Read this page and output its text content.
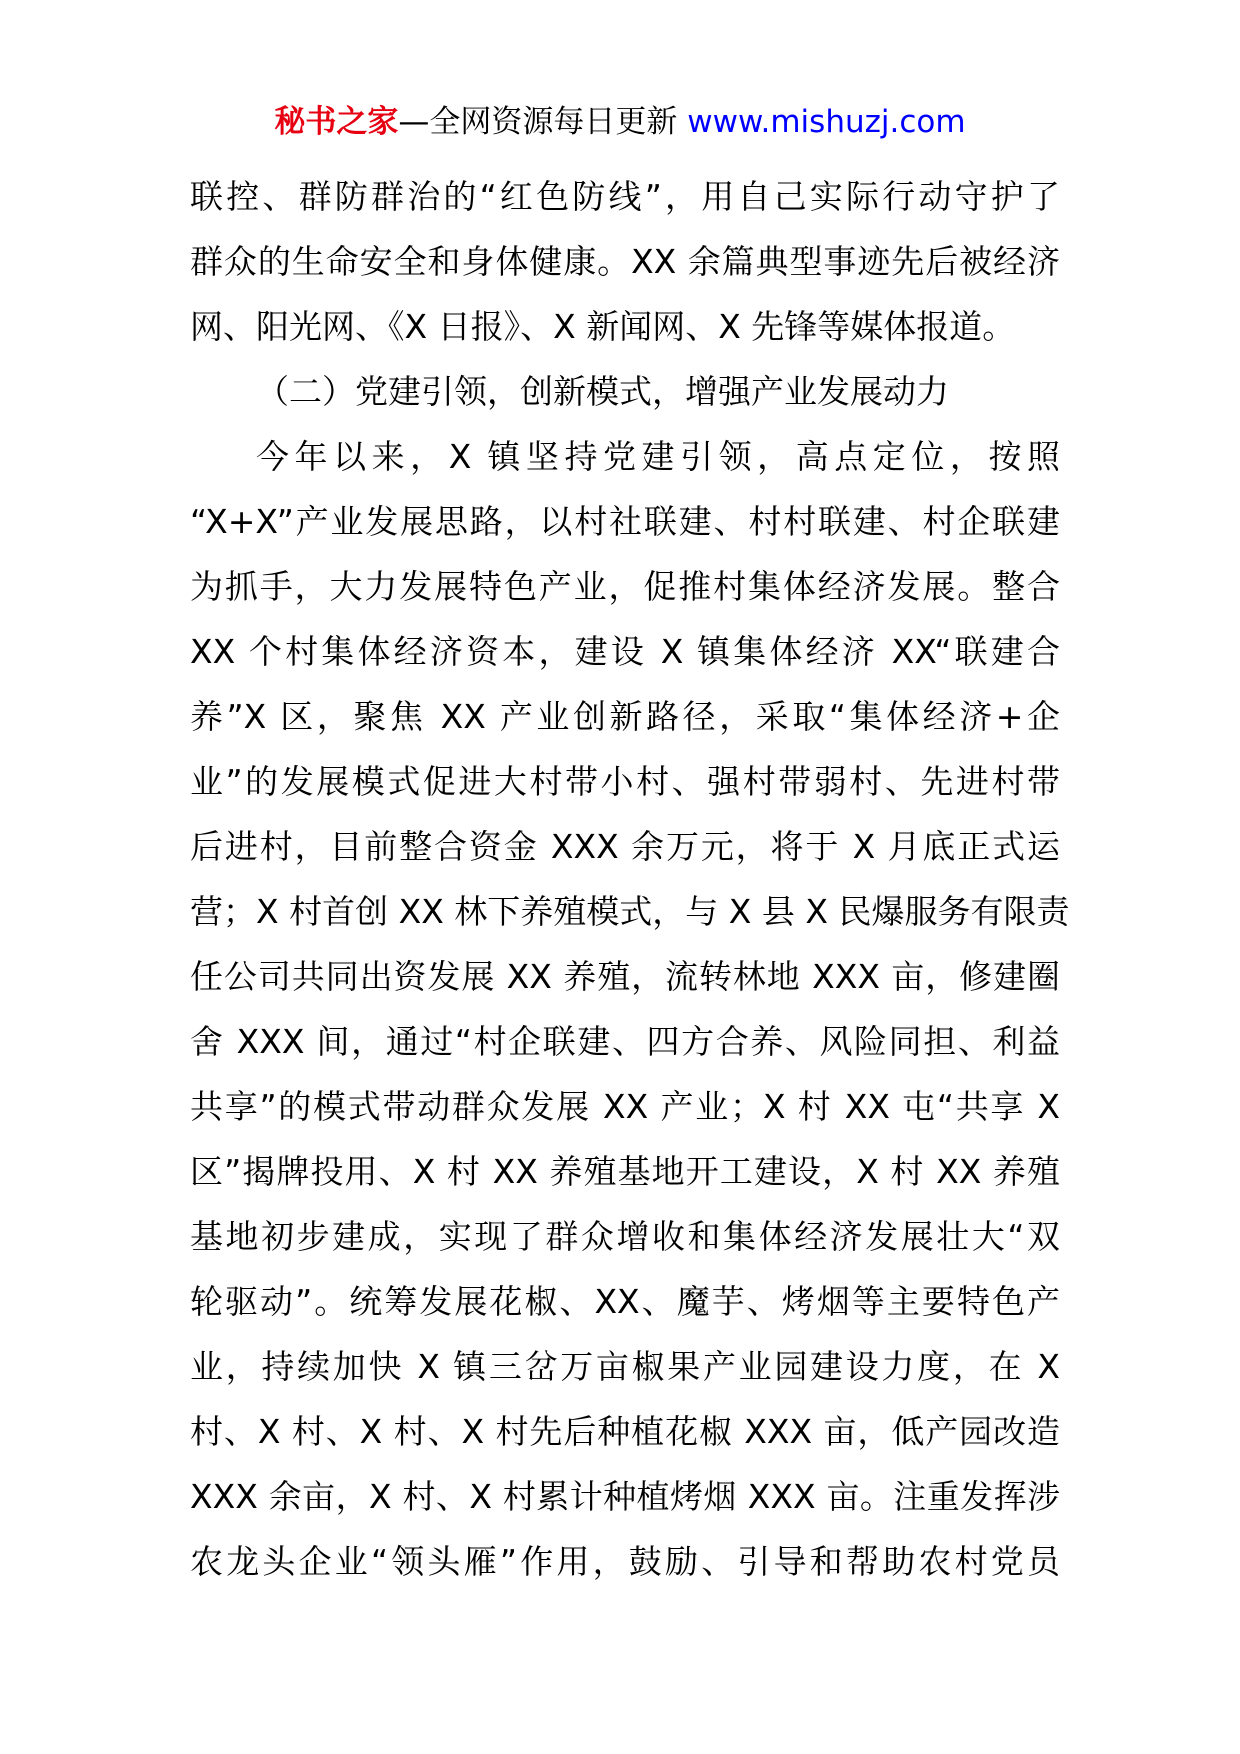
秘书之家—全网资源每日更新 www.mishuzj.com
联控、群防群治的“红色防线”，用自己实际行动守护了
群众的生命安全和身体健康。XX 余篇典型事迹先后被经济
网、阳光网、《X 日报》、X 新闻网、X 先锋等媒体报道。
（二）党建引领，创新模式，增强产业发展动力
今年以来，X 镇坚持党建引领，高点定位，按照
“X+X”产业发展思路，以村社联建、村村联建、村企联建
为抓手，大力发展特色产业，促推村集体经济发展。整合
XX 个村集体经济资本，建设 X 镇集体经济 XX“联建合
养”X 区，聚焦 XX 产业创新路径，采取“集体经济+企
业”的发展模式促进大村带小村、强村带弱村、先进村带
后进村，目前整合资金 XXX 余万元，将于 X 月底正式运
营；X 村首创 XX 林下养殖模式，与 X 县 X 民爆服务有限责
任公司共同出资发展 XX 养殖，流转林地 XXX 亩，修建圈
舍 XXX 间，通过“村企联建、四方合养、风险同担、利益
共享”的模式带动群众发展 XX 产业；X 村 XX 屯“共享 X
区”揭牌投用、X 村 XX 养殖基地开工建设，X 村 XX 养殖
基地初步建成，实现了群众增收和集体经济发展壮大“双
轮驱动”。统筹发展花椒、XX、魔芋、烤烟等主要特色产
业，持续加快 X 镇三岔万亩椒果产业园建设力度，在 X
村、X 村、X 村、X 村先后种植花椒 XXX 亩，低产园改造
XXX 余亩，X 村、X 村累计种植烤烟 XXX 亩。注重发挥涉
农龙头企业“领头雁”作用，鼓励、引导和帮助农村党员
